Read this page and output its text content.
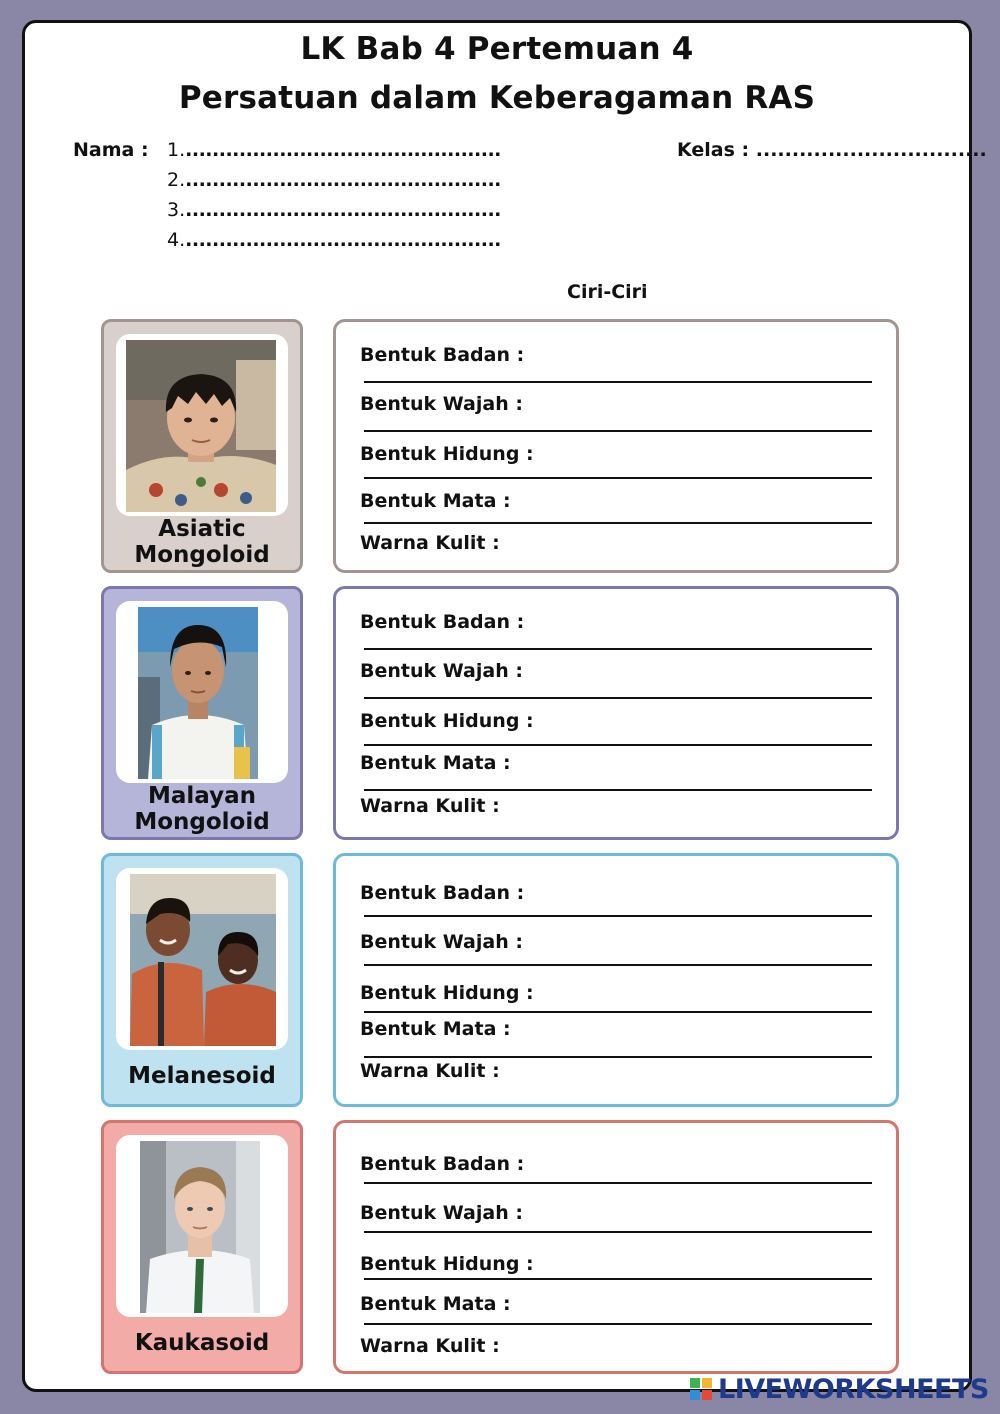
LK Bab 4 Pertemuan 4
Persatuan dalam Keberagaman RAS
Nama : 1................................................
2................................................
3................................................
4................................................
Kelas : ................................
Ciri-Ciri
Asiatic
Mongoloid
Bentuk Badan :
Bentuk Wajah :
Bentuk Hidung :
Bentuk Mata :
Warna Kulit :
Malayan
Mongoloid
Bentuk Badan :
Bentuk Wajah :
Bentuk Hidung :
Bentuk Mata :
Warna Kulit :
Melanesoid
Bentuk Badan :
Bentuk Wajah :
Bentuk Hidung :
Bentuk Mata :
Warna Kulit :
Kaukasoid
Bentuk Badan :
Bentuk Wajah :
Bentuk Hidung :
Bentuk Mata :
Warna Kulit :
LIVEWORKSHEETS
